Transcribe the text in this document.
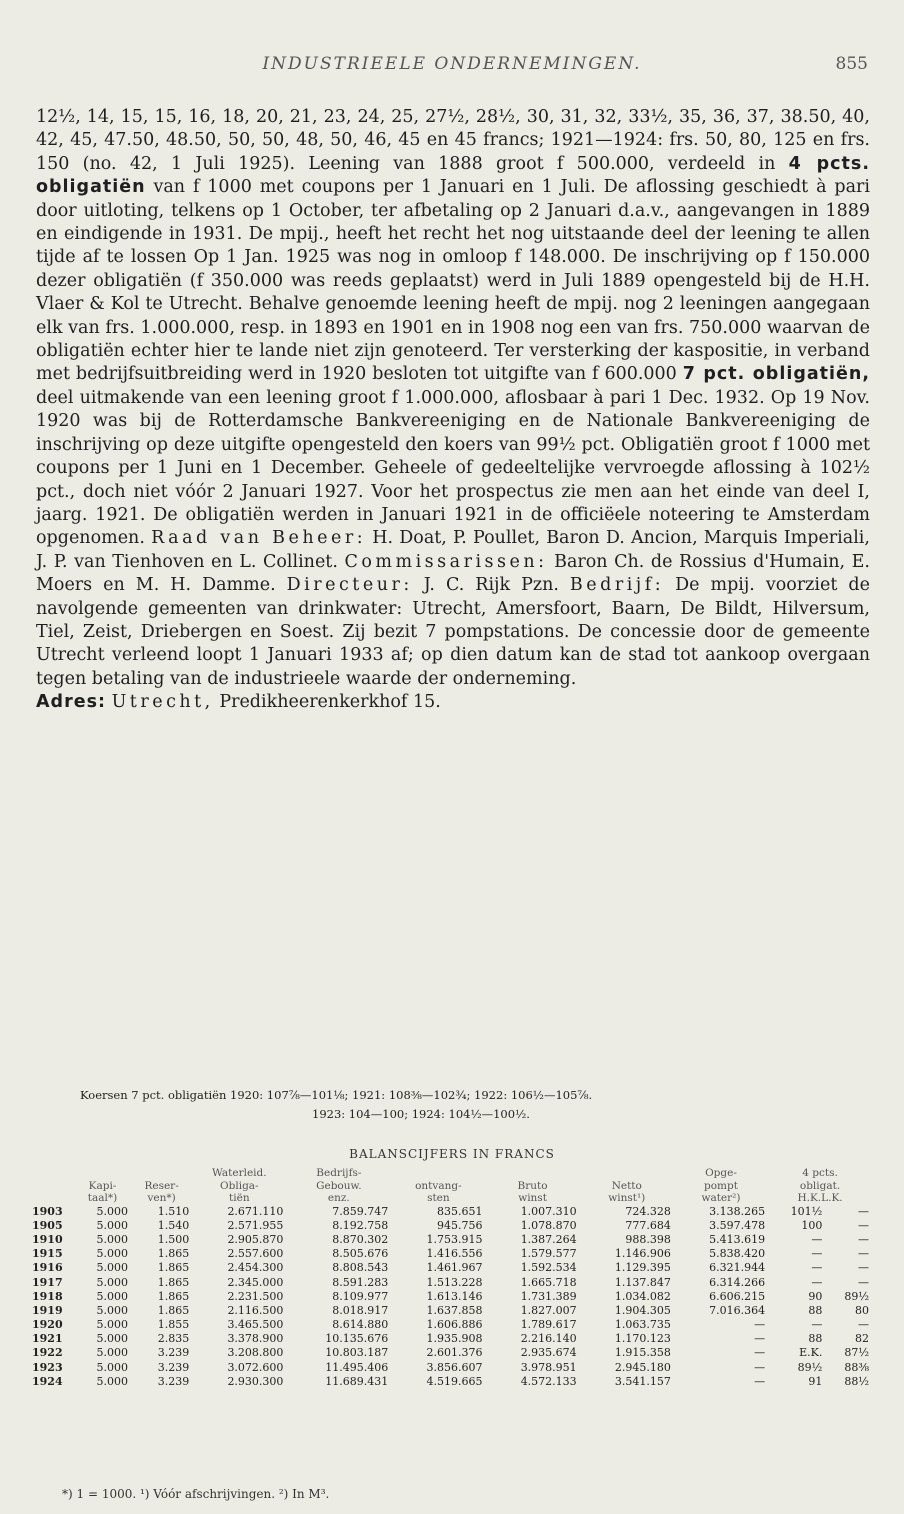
INDUSTRIEELE ONDERNEMINGEN.	855

12½, 14, 15, 15, 16, 18, 20, 21, 23, 24, 25, 27½, 28½, 30, 31, 32, 33½, 35, 36, 37, 38.50, 40, 42, 45, 47.50, 48.50, 50, 50, 48, 50, 46, 45 en 45 francs; 1921—1924: frs. 50, 80, 125 en frs. 150 (no. 42, 1 Juli 1925). Leening van 1888 groot f 500.000, verdeeld in 4 pcts. obligatiën van f 1000 met coupons per 1 Januari en 1 Juli. De aflossing geschiedt à pari door uitloting, telkens op 1 October, ter afbetaling op 2 Januari d.a.v., aangevangen in 1889 en eindigende in 1931. De mpij., heeft het recht het nog uitstaande deel der leening te allen tijde af te lossen Op 1 Jan. 1925 was nog in omloop f 148.000. De inschrijving op f 150.000 dezer obligatiën (f 350.000 was reeds geplaatst) werd in Juli 1889 opengesteld bij de H.H. Vlaer & Kol te Utrecht. Behalve genoemde leening heeft de mpij. nog 2 leeningen aangegaan elk van frs. 1.000.000, resp. in 1893 en 1901 en in 1908 nog een van frs. 750.000 waarvan de obligatiën echter hier te lande niet zijn genoteerd. Ter versterking der kaspositie, in verband met bedrijfsuitbreiding werd in 1920 besloten tot uitgifte van f 600.000 7 pct. obligatiën, deel uitmakende van een leening groot f 1.000.000, aflosbaar à pari 1 Dec. 1932. Op 19 Nov. 1920 was bij de Rotterdamsche Bankvereeniging en de Nationale Bankvereeniging de inschrijving op deze uitgifte opengesteld den koers van 99½ pct. Obligatiën groot f 1000 met coupons per 1 Juni en 1 December. Geheele of gedeeltelijke vervroegde aflossing à 102½ pct., doch niet vóór 2 Januari 1927. Voor het prospectus zie men aan het einde van deel I, jaarg. 1921. De obligatiën werden in Januari 1921 in de officiëele noteering te Amsterdam opgenomen. Raad van Beheer: H. Doat, P. Poullet, Baron D. Ancion, Marquis Imperiali, J. P. van Tienhoven en L. Collinet. Commissarissen: Baron Ch. de Rossius d'Humain, E. Moers en M. H. Damme. Directeur: J. C. Rijk Pzn. Bedrijf: De mpij. voorziet de navolgende gemeenten van drinkwater: Utrecht, Amersfoort, Baarn, De Bildt, Hilversum, Tiel, Zeist, Driebergen en Soest. Zij bezit 7 pompstations. De concessie door de gemeente Utrecht verleend loopt 1 Januari 1933 af; op dien datum kan de stad tot aankoop overgaan tegen betaling van de industrieele waarde der onderneming.
Adres: Utrecht, Predikheerenkerkhof 15.

Koersen 7 pct. obligatiën 1920: 107⅞—101⅛; 1921: 108⅜—102¾; 1922: 106½—105⅞.
1923: 104—100; 1924: 104½—100½.

BALANSCIJFERS IN FRANCS
			Waterleid.	Bedrijfs-				Opge-	4 pcts.	
	Kapi-	Reser-	Obliga-	Gebouw.	ontvang-	Bruto	Netto	pompt	obligat.	
	taal*)	ven*)	tiën	enz.	sten	winst	winst¹)	water²)	H.K.L.K.	
1903	5.000	1.510	2.671.110	7.859.747	835.651	1.007.310	724.328	3.138.265	101½	—
1905	5.000	1.540	2.571.955	8.192.758	945.756	1.078.870	777.684	3.597.478	100	—
1910	5.000	1.500	2.905.870	8.870.302	1.753.915	1.387.264	988.398	5.413.619	—	—
1915	5.000	1.865	2.557.600	8.505.676	1.416.556	1.579.577	1.146.906	5.838.420	—	—
1916	5.000	1.865	2.454.300	8.808.543	1.461.967	1.592.534	1.129.395	6.321.944	—	—
1917	5.000	1.865	2.345.000	8.591.283	1.513.228	1.665.718	1.137.847	6.314.266	—	—
1918	5.000	1.865	2.231.500	8.109.977	1.613.146	1.731.389	1.034.082	6.606.215	90	89½
1919	5.000	1.865	2.116.500	8.018.917	1.637.858	1.827.007	1.904.305	7.016.364	88	80
1920	5.000	1.855	3.465.500	8.614.880	1.606.886	1.789.617	1.063.735	—	—	—
1921	5.000	2.835	3.378.900	10.135.676	1.935.908	2.216.140	1.170.123	—	88	82
1922	5.000	3.239	3.208.800	10.803.187	2.601.376	2.935.674	1.915.358	—	E.K.	87½
1923	5.000	3.239	3.072.600	11.495.406	3.856.607	3.978.951	2.945.180	—	89½	88⅜
1924	5.000	3.239	2.930.300	11.689.431	4.519.665	4.572.133	3.541.157	—	91	88½
*) 1 = 1000. ¹) Vóór afschrijvingen. ²) In M³.
